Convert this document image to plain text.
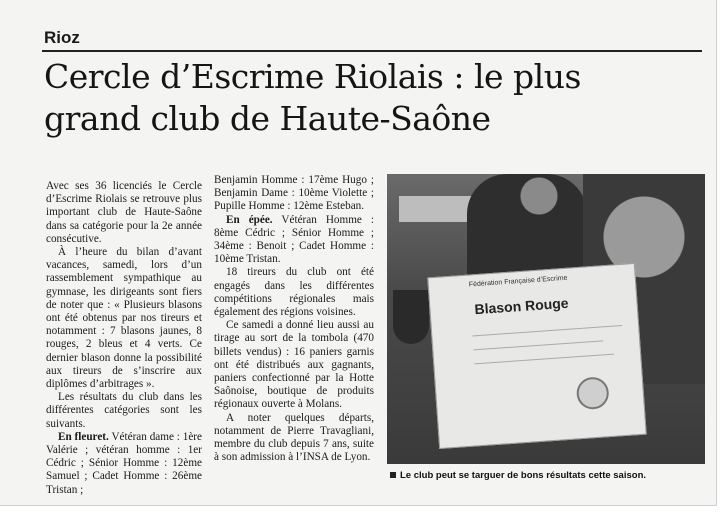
Rioz
Cercle d’Escrime Riolais : le plus
grand club de Haute-Saône

Avec ses 36 licenciés le Cercle d’Escrime Riolais se retrouve plus important club de Haute-Saône dans sa catégorie pour la 2e année consécutive.

À l’heure du bilan d’avant vacances, samedi, lors d’un rassemblement sympathique au gymnase, les dirigeants sont fiers de noter que : « Plusieurs blasons ont été obtenus par nos tireurs et notamment : 7 blasons jaunes, 8 rouges, 2 bleus et 4 verts. Ce dernier blason donne la possibilité aux tireurs de s’inscrire aux diplômes d’arbitrages ».

Les résultats du club dans les différentes catégories sont les suivants.

En fleuret. Vétéran dame : 1ère Valérie ; vétéran homme : 1er Cédric ; Sénior Homme : 12ème Samuel ; Cadet Homme : 26ème Tristan ;

Benjamin Homme : 17ème Hugo ; Benjamin Dame : 10ème Violette ; Pupille Homme : 12ème Esteban.

En épée. Vétéran Homme : 8ème Cédric ; Sénior Homme ; 34ème : Benoit ; Cadet Homme : 10ème Tristan.

18 tireurs du club ont été engagés dans les différentes compétitions régionales mais également des régions voisines.

Ce samedi a donné lieu aussi au tirage au sort de la tombola (470 billets vendus) : 16 paniers garnis ont été distribués aux gagnants, paniers confectionné par la Hotte Saônoise, boutique de produits régionaux ouverte à Molans.

A noter quelques départs, notamment de Pierre Travagliani, membre du club depuis 7 ans, suite à son admission à l’INSA de Lyon.

Fédération Française d’Escrime
Blason Rouge
Le club peut se targuer de bons résultats cette saison.
